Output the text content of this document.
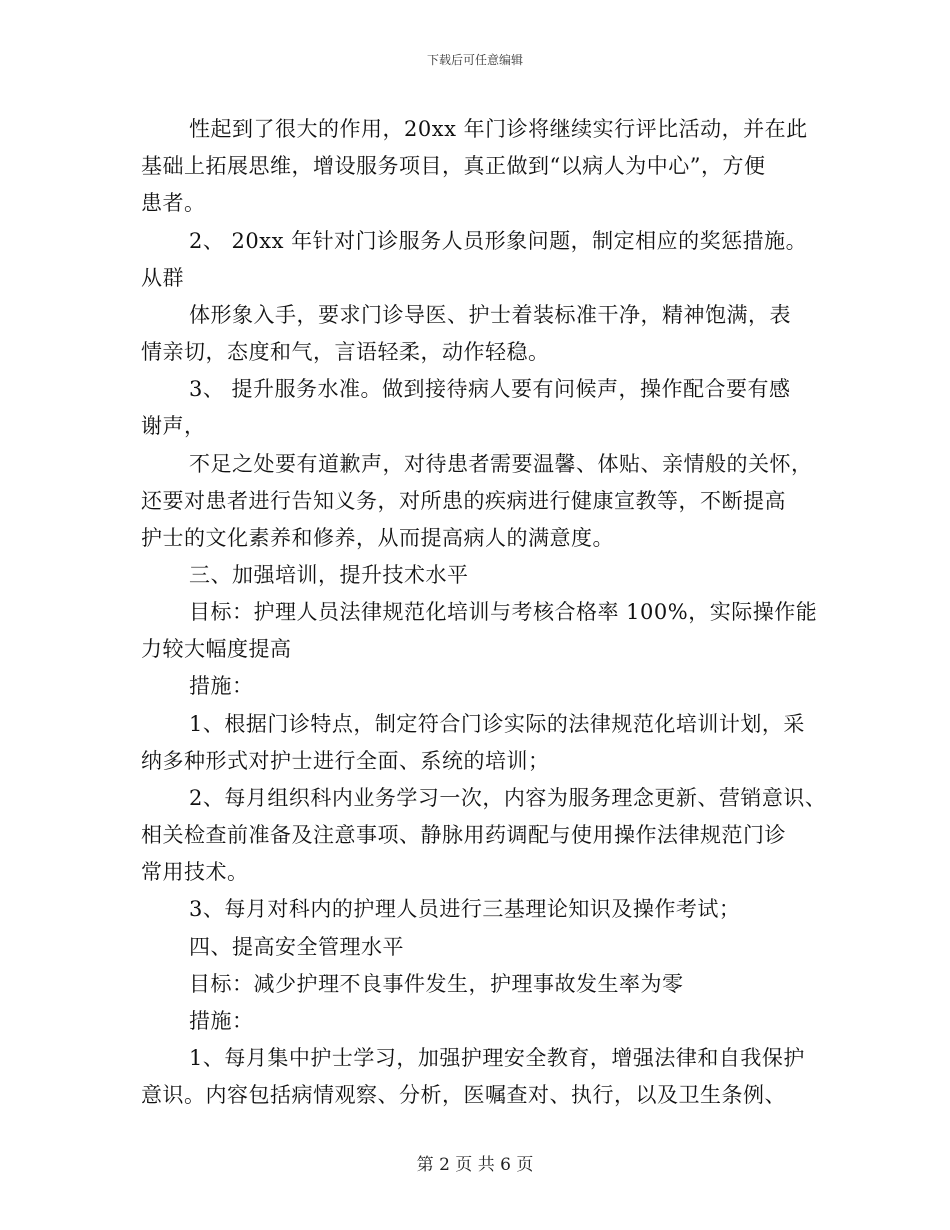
下载后可任意编辑
性起到了很大的作用，20xx 年门诊将继续实行评比活动，并在此
基础上拓展思维，增设服务项目，真正做到“以病人为中心”，方便
患者。
2、 20xx 年针对门诊服务人员形象问题，制定相应的奖惩措施。
从群
体形象入手，要求门诊导医、护士着装标准干净，精神饱满，表
情亲切，态度和气，言语轻柔，动作轻稳。
3、 提升服务水准。做到接待病人要有问候声，操作配合要有感
谢声，
不足之处要有道歉声，对待患者需要温馨、体贴、亲情般的关怀，
还要对患者进行告知义务，对所患的疾病进行健康宣教等，不断提高
护士的文化素养和修养，从而提高病人的满意度。
三、加强培训，提升技术水平
目标：护理人员法律规范化培训与考核合格率 100%，实际操作能
力较大幅度提高
措施：
1、根据门诊特点，制定符合门诊实际的法律规范化培训计划，采
纳多种形式对护士进行全面、系统的培训；
2、每月组织科内业务学习一次，内容为服务理念更新、营销意识、
相关检查前准备及注意事项、静脉用药调配与使用操作法律规范门诊
常用技术。
3、每月对科内的护理人员进行三基理论知识及操作考试；
四、提高安全管理水平
目标：减少护理不良事件发生，护理事故发生率为零
措施：
1、每月集中护士学习，加强护理安全教育，增强法律和自我保护
意识。内容包括病情观察、分析，医嘱查对、执行，以及卫生条例、
第 2 页 共 6 页
